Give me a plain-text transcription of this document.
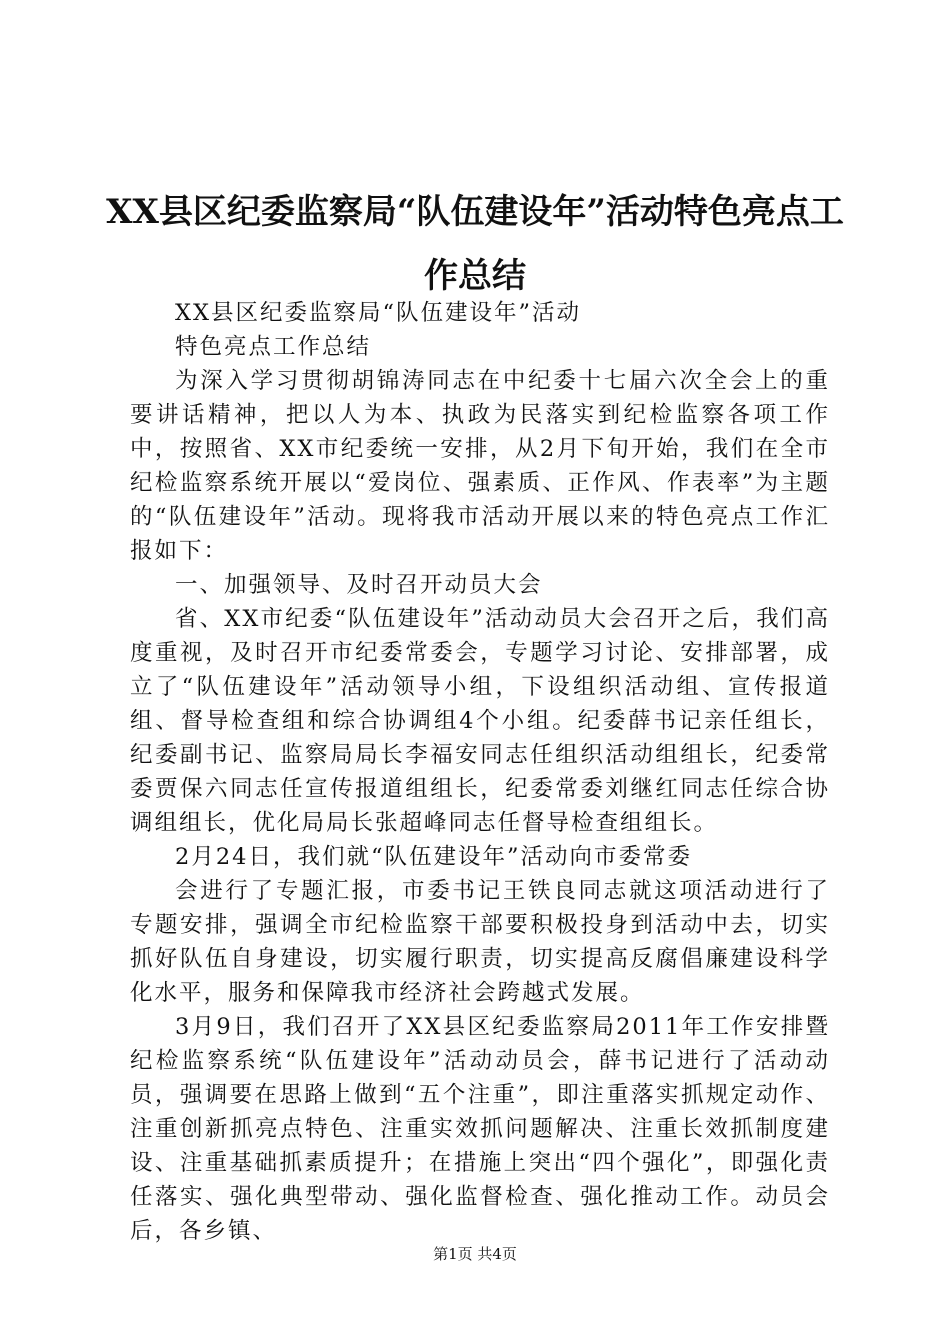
XX县区纪委监察局“队伍建设年”活动特色亮点工作总结

XX县区纪委监察局“队伍建设年”活动

特色亮点工作总结

为深入学习贯彻胡锦涛同志在中纪委十七届六次全会上的重要讲话精神，把以人为本、执政为民落实到纪检监察各项工作中，按照省、XX市纪委统一安排，从2月下旬开始，我们在全市纪检监察系统开展以“爱岗位、强素质、正作风、作表率”为主题的“队伍建设年”活动。现将我市活动开展以来的特色亮点工作汇报如下：

一、加强领导、及时召开动员大会

省、XX市纪委“队伍建设年”活动动员大会召开之后，我们高度重视，及时召开市纪委常委会，专题学习讨论、安排部署，成立了“队伍建设年”活动领导小组，下设组织活动组、宣传报道组、督导检查组和综合协调组4个小组。纪委薛书记亲任组长，纪委副书记、监察局局长李福安同志任组织活动组组长，纪委常委贾保六同志任宣传报道组组长，纪委常委刘继红同志任综合协调组组长，优化局局长张超峰同志任督导检查组组长。

2月24日，我们就“队伍建设年”活动向市委常委

会进行了专题汇报，市委书记王铁良同志就这项活动进行了专题安排，强调全市纪检监察干部要积极投身到活动中去，切实抓好队伍自身建设，切实履行职责，切实提高反腐倡廉建设科学化水平，服务和保障我市经济社会跨越式发展。

3月9日，我们召开了XX县区纪委监察局2011年工作安排暨纪检监察系统“队伍建设年”活动动员会，薛书记进行了活动动员，强调要在思路上做到“五个注重”，即注重落实抓规定动作、注重创新抓亮点特色、注重实效抓问题解决、注重长效抓制度建设、注重基础抓素质提升；在措施上突出“四个强化”，即强化责任落实、强化典型带动、强化监督检查、强化推动工作。动员会后，各乡镇、

第1页 共4页
